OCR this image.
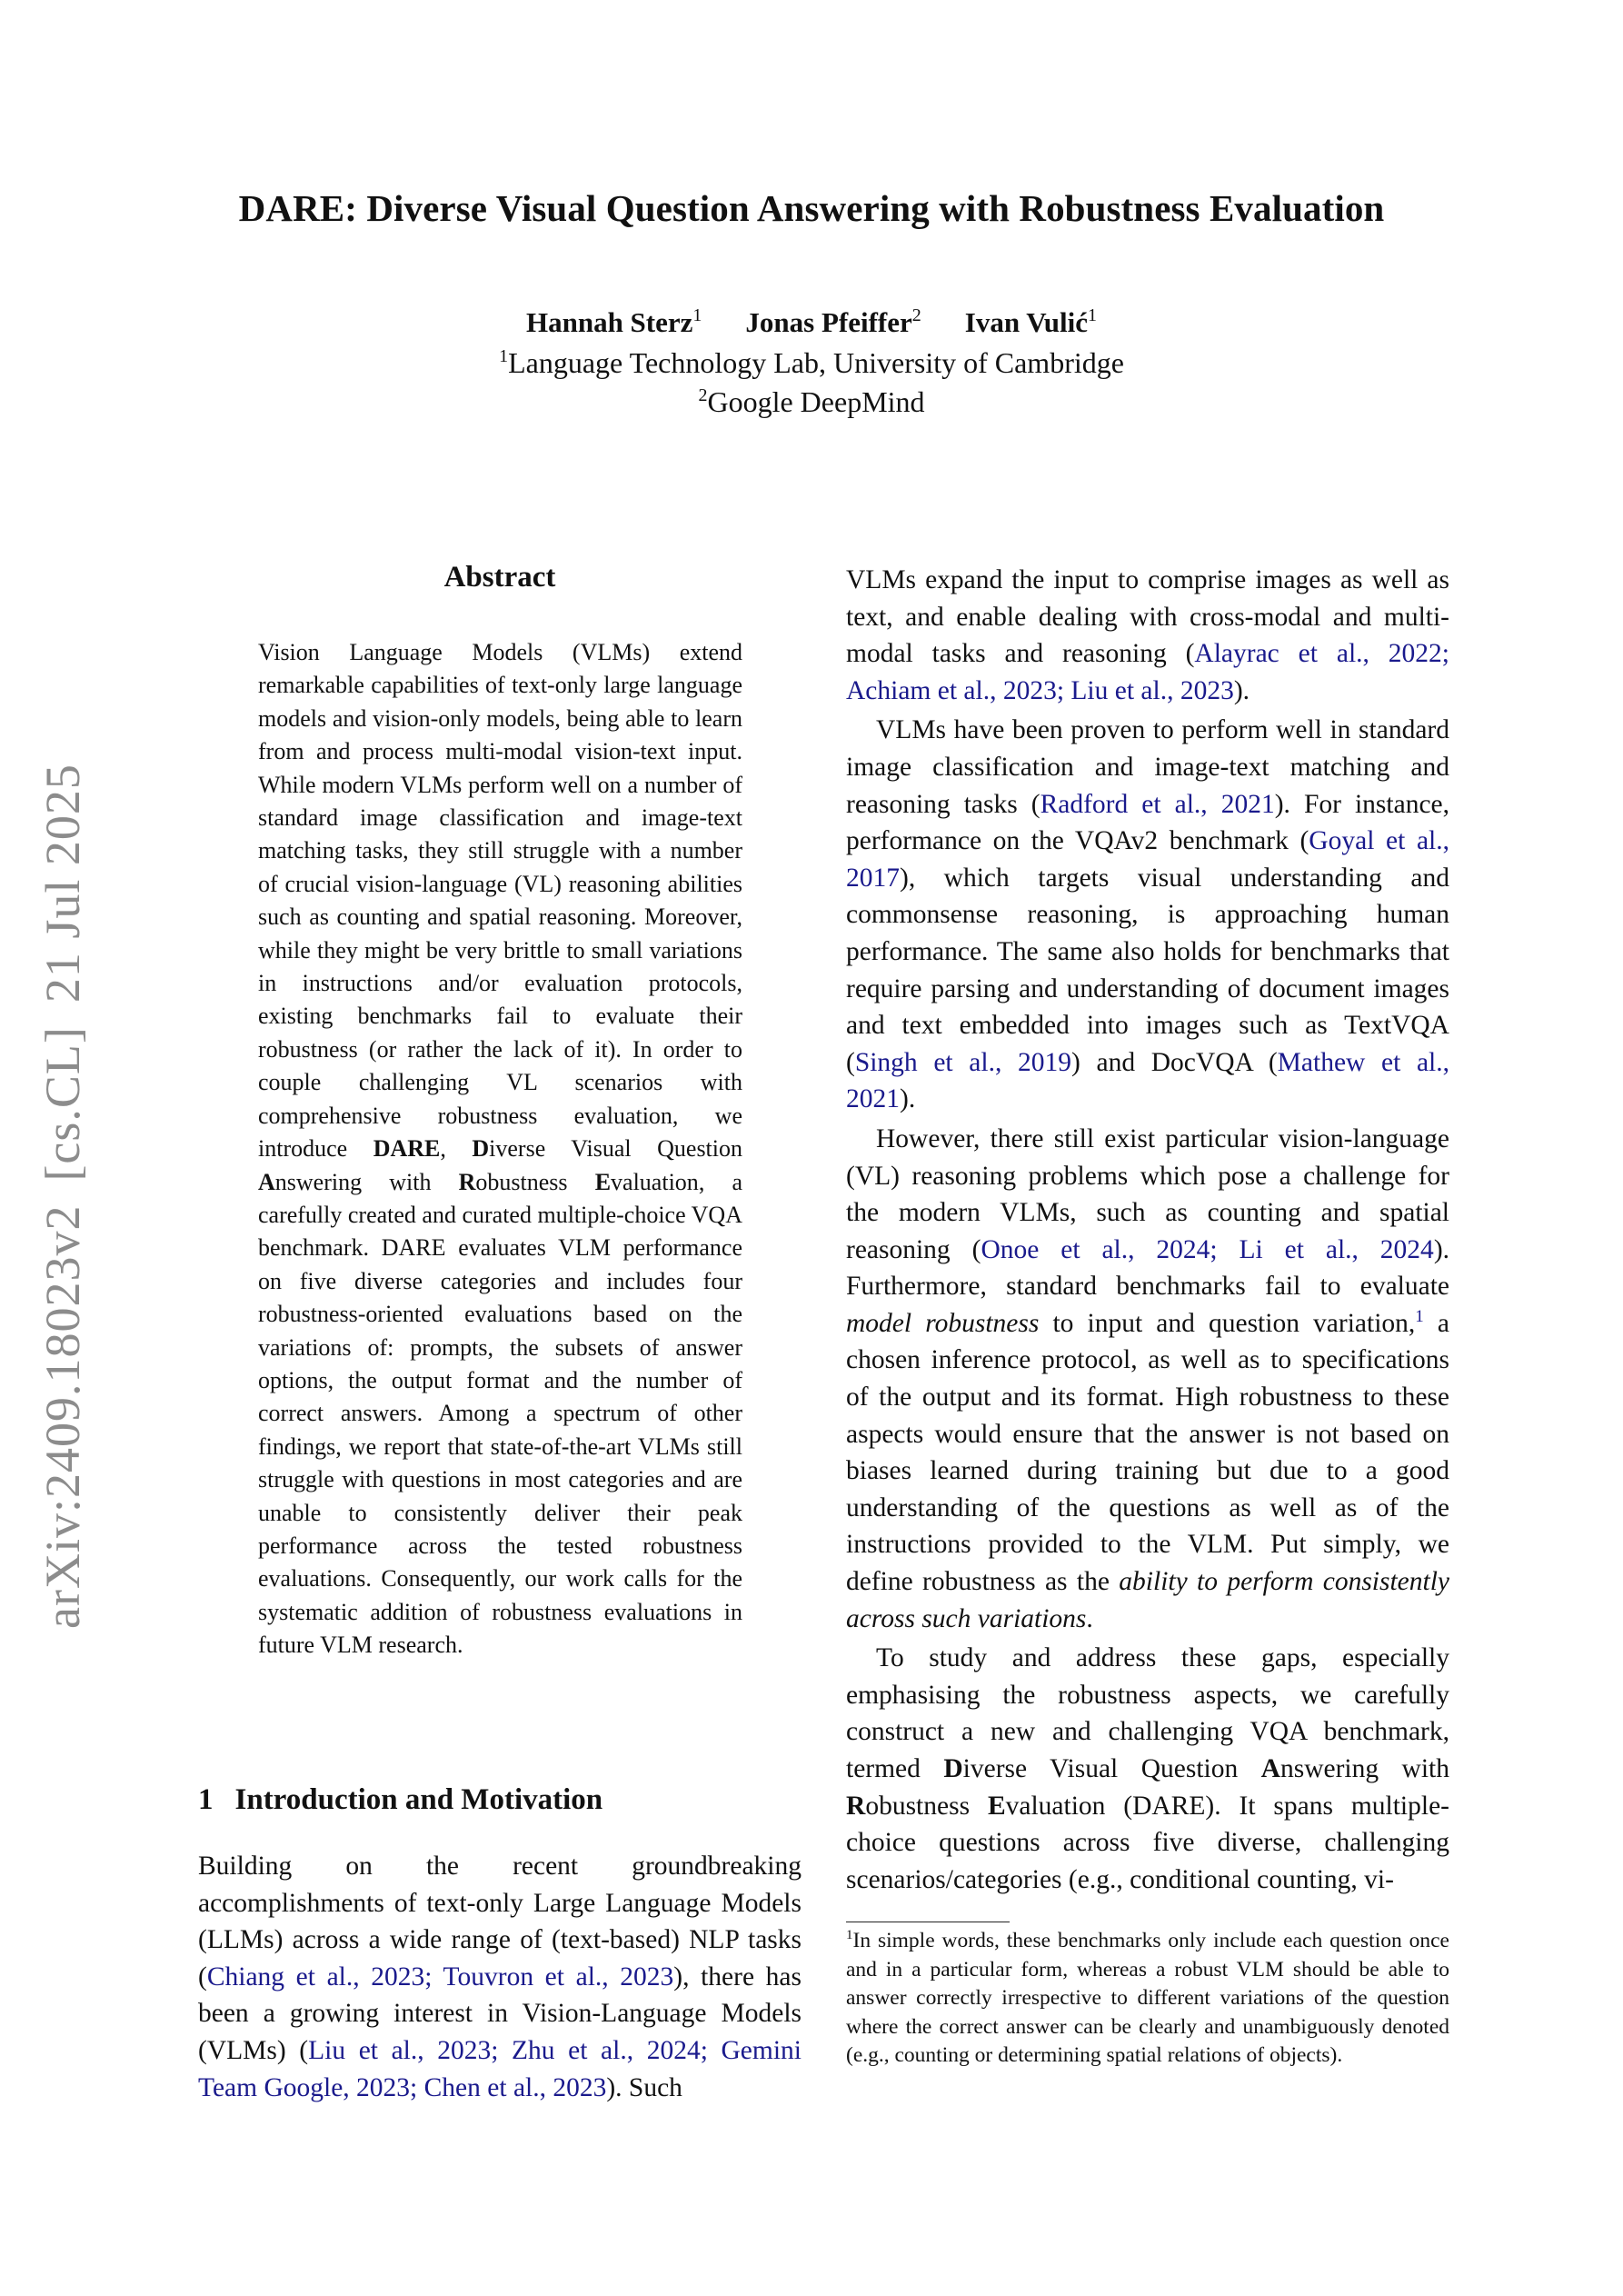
arXiv:2409.18023v2[cs.CL]21 Jul 2025
DARE: Diverse Visual Question Answering with Robustness Evaluation
Hannah Sterz$^1$ Jonas Pfeiffer$^2$ Ivan Vulić$^1$
$^1$Language Technology Lab, University of Cambridge
$^2$Google DeepMind
Abstract
Vision Language Models (VLMs) extend remarkable capabilities of text-only large language models and vision-only models, being able to learn from and process multi-modal vision-text input. While modern VLMs perform well on a number of standard image classification and image-text matching tasks, they still struggle with a number of crucial vision-language (VL) reasoning abilities such as counting and spatial reasoning. Moreover, while they might be very brittle to small variations in instructions and/or evaluation protocols, existing benchmarks fail to evaluate their robustness (or rather the lack of it). In order to couple challenging VL scenarios with comprehensive robustness evaluation, we introduce DARE, Diverse Visual Question Answering with Robustness Evaluation, a carefully created and curated multiple-choice VQA benchmark. DARE evaluates VLM performance on five diverse categories and includes four robustness-oriented evaluations based on the variations of: prompts, the subsets of answer options, the output format and the number of correct answers. Among a spectrum of other findings, we report that state-of-the-art VLMs still struggle with questions in most categories and are unable to consistently deliver their peak performance across the tested robustness evaluations. Consequently, our work calls for the systematic addition of robustness evaluations in future VLM research.
1 Introduction and Motivation

Building on the recent groundbreaking accomplishments of text-only Large Language Models (LLMs) across a wide range of (text-based) NLP tasks (Chiang et al., 2023; Touvron et al., 2023), there has been a growing interest in Vision-Language Models (VLMs) (Liu et al., 2023; Zhu et al., 2024; Gemini Team Google, 2023; Chen et al., 2023). Such

VLMs expand the input to comprise images as well as text, and enable dealing with cross-modal and multi-modal tasks and reasoning (Alayrac et al., 2022; Achiam et al., 2023; Liu et al., 2023).

VLMs have been proven to perform well in standard image classification and image-text matching and reasoning tasks (Radford et al., 2021). For instance, performance on the VQAv2 benchmark (Goyal et al., 2017), which targets visual understanding and commonsense reasoning, is approaching human performance. The same also holds for benchmarks that require parsing and understanding of document images and text embedded into images such as TextVQA (Singh et al., 2019) and DocVQA (Mathew et al., 2021).

However, there still exist particular vision-language (VL) reasoning problems which pose a challenge for the modern VLMs, such as counting and spatial reasoning (Onoe et al., 2024; Li et al., 2024). Furthermore, standard benchmarks fail to evaluate model robustness to input and question variation,$^1$ a chosen inference protocol, as well as to specifications of the output and its format. High robustness to these aspects would ensure that the answer is not based on biases learned during training but due to a good understanding of the questions as well as of the instructions provided to the VLM. Put simply, we define robustness as the ability to perform consistently across such variations.

To study and address these gaps, especially emphasising the robustness aspects, we carefully construct a new and challenging VQA benchmark, termed Diverse Visual Question Answering with Robustness Evaluation (DARE). It spans multiple-choice questions across five diverse, challenging scenarios/categories (e.g., conditional counting, vi-

$^1$In simple words, these benchmarks only include each question once and in a particular form, whereas a robust VLM should be able to answer correctly irrespective to different variations of the question where the correct answer can be clearly and unambiguously denoted (e.g., counting or determining spatial relations of objects).
